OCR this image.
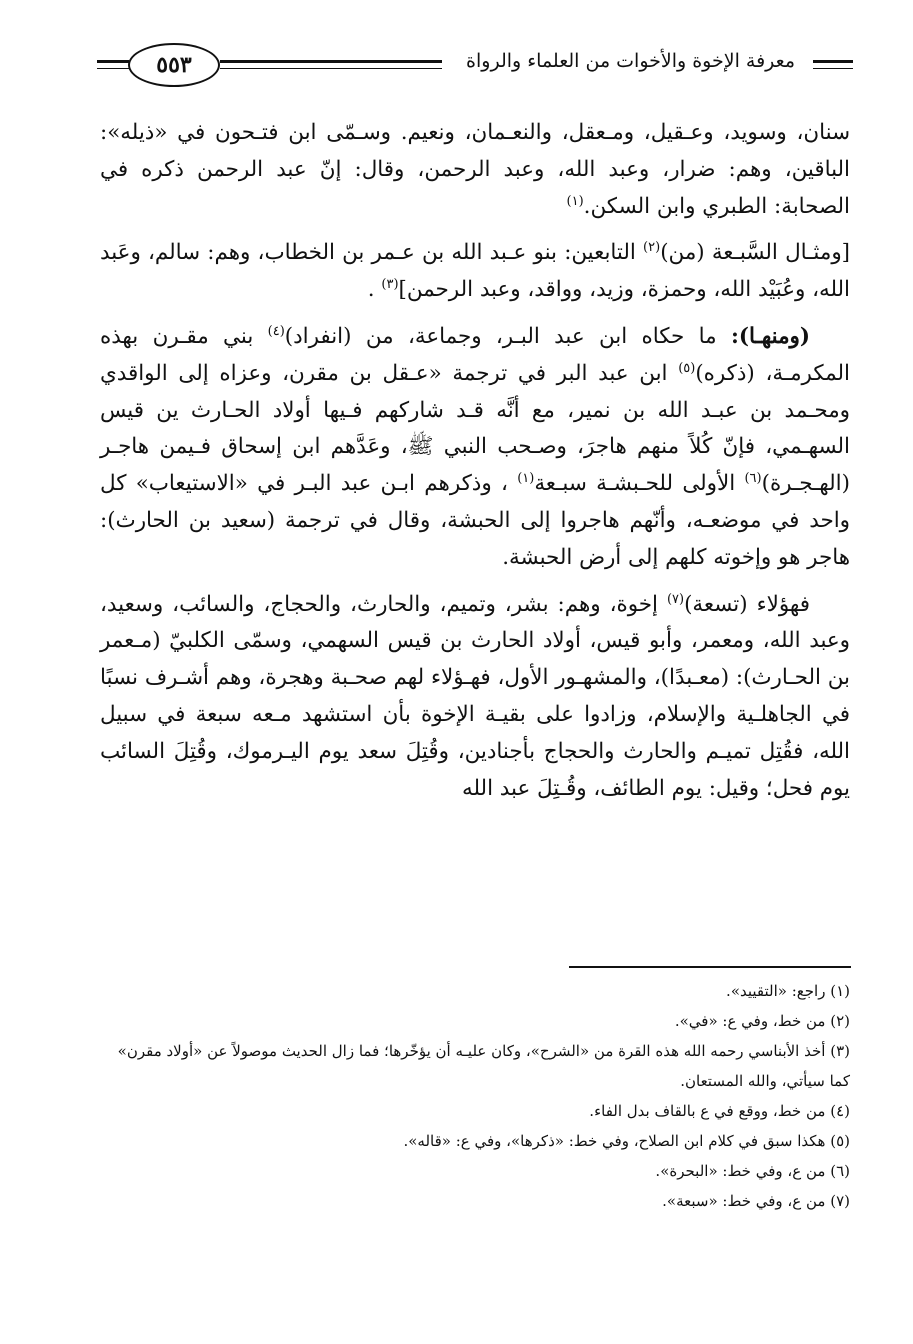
معرفة الإخوة والأخوات من العلماء والرواة
٥٥٣

سنان، وسويد، وعـقيل، ومـعقل، والنعـمان، ونعيم. وسـمّى ابن فتـحون في «ذيله»: الباقين، وهم: ضرار، وعبد الله، وعبد الرحمن، وقال: إنّ عبد الرحمن ذكره في الصحابة: الطبري وابن السكن.$^{(١)}$

[ومثـال السَّبـعة (من)$^{(٢)}$ التابعين: بنو عـبد الله بن عـمر بن الخطاب، وهم: سالم، وعَبد الله، وعُبَيْد الله، وحمزة، وزيد، وواقد، وعبد الرحمن]$^{(٣)}$ .

(ومنهـا): ما حكاه ابن عبد البـر، وجماعة، من (انفراد)$^{(٤)}$ بني مقـرن بهذه المكرمـة، (ذكره)$^{(٥)}$ ابن عبد البر في ترجمة «عـقل بن مقرن، وعزاه إلى الواقدي ومحـمد بن عبـد الله بن نمير، مع أنَّه قـد شاركهم فـيها أولاد الحـارث ين قيس السهـمي، فإنّ كُلاً منهم هاجرَ، وصـحب النبي ﷺ، وعَدَّهم ابن إسحاق فـيمن هاجـر (الهـجـرة)$^{(٦)}$ الأولى للحـبشـة سبـعة$^{(١)}$ ، وذكرهم ابـن عبد البـر في «الاستيعاب» كل واحد في موضعـه، وأنّهم هاجروا إلى الحبشة، وقال في ترجمة (سعيد بن الحارث): هاجر هو وإخوته كلهم إلى أرض الحبشة.

فهؤلاء (تسعة)$^{(٧)}$ إخوة، وهم: بشر، وتميم، والحارث، والحجاج، والسائب، وسعيد، وعبد الله، ومعمر، وأبو قيس، أولاد الحارث بن قيس السهمي، وسمّى الكلبيّ (مـعمر بن الحـارث): (معـبدًا)، والمشهـور الأول، فهـؤلاء لهم صحـبة وهجرة، وهم أشـرف نسبًا في الجاهلـية والإسلام، وزادوا على بقيـة الإخوة بأن استشهد مـعه سبعة في سبيل الله، فقُتِل تميـم والحارث والحجاج بأجنادين، وقُتِلَ سعد يوم اليـرموك، وقُتِلَ السائب يوم فحل؛ وقيل: يوم الطائف، وقُـتِلَ عبد الله

(١) راجع: «التقييد».

(٢) من خط، وفي ع: «في».

(٣) أخذ الأبناسي رحمه الله هذه القرة من «الشرح»، وكان عليـه أن يؤخّرها؛ فما زال الحديث موصولاً عن «أولاد مقرن» كما سيأتي، والله المستعان.

(٤) من خط، ووقع في ع بالقاف بدل الفاء.

(٥) هكذا سبق في كلام ابن الصلاح، وفي خط: «ذكرها»، وفي ع: «قاله».

(٦) من ع، وفي خط: «البحرة».

(٧) من ع، وفي خط: «سبعة».
